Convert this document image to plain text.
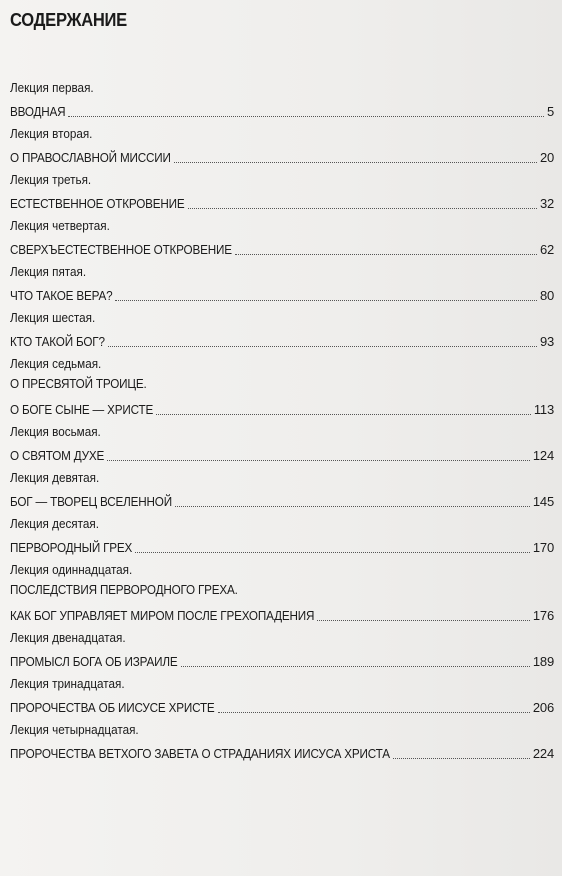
СОДЕРЖАНИЕ
Лекция первая.
ВВОДНАЯ	5
Лекция вторая.
О ПРАВОСЛАВНОЙ МИССИИ	20
Лекция третья.
ЕСТЕСТВЕННОЕ ОТКРОВЕНИЕ	32
Лекция четвертая.
СВЕРХЪЕСТЕСТВЕННОЕ ОТКРОВЕНИЕ	62
Лекция пятая.
ЧТО ТАКОЕ ВЕРА?	80
Лекция шестая.
КТО ТАКОЙ БОГ?	93
Лекция седьмая.
О ПРЕСВЯТОЙ ТРОИЦЕ.
О БОГЕ СЫНЕ — ХРИСТЕ	113
Лекция восьмая.
О СВЯТОМ ДУХЕ	124
Лекция девятая.
БОГ — ТВОРЕЦ ВСЕЛЕННОЙ	145
Лекция десятая.
ПЕРВОРОДНЫЙ ГРЕХ	170
Лекция одиннадцатая.
ПОСЛЕДСТВИЯ ПЕРВОРОДНОГО ГРЕХА.
КАК БОГ УПРАВЛЯЕТ МИРОМ ПОСЛЕ ГРЕХОПАДЕНИЯ	176
Лекция двенадцатая.
ПРОМЫСЛ БОГА ОБ ИЗРАИЛЕ	189
Лекция тринадцатая.
ПРОРОЧЕСТВА ОБ ИИСУСЕ ХРИСТЕ	206
Лекция четырнадцатая.
ПРОРОЧЕСТВА ВЕТХОГО ЗАВЕТА О СТРАДАНИЯХ ИИСУСА ХРИСТА	224
